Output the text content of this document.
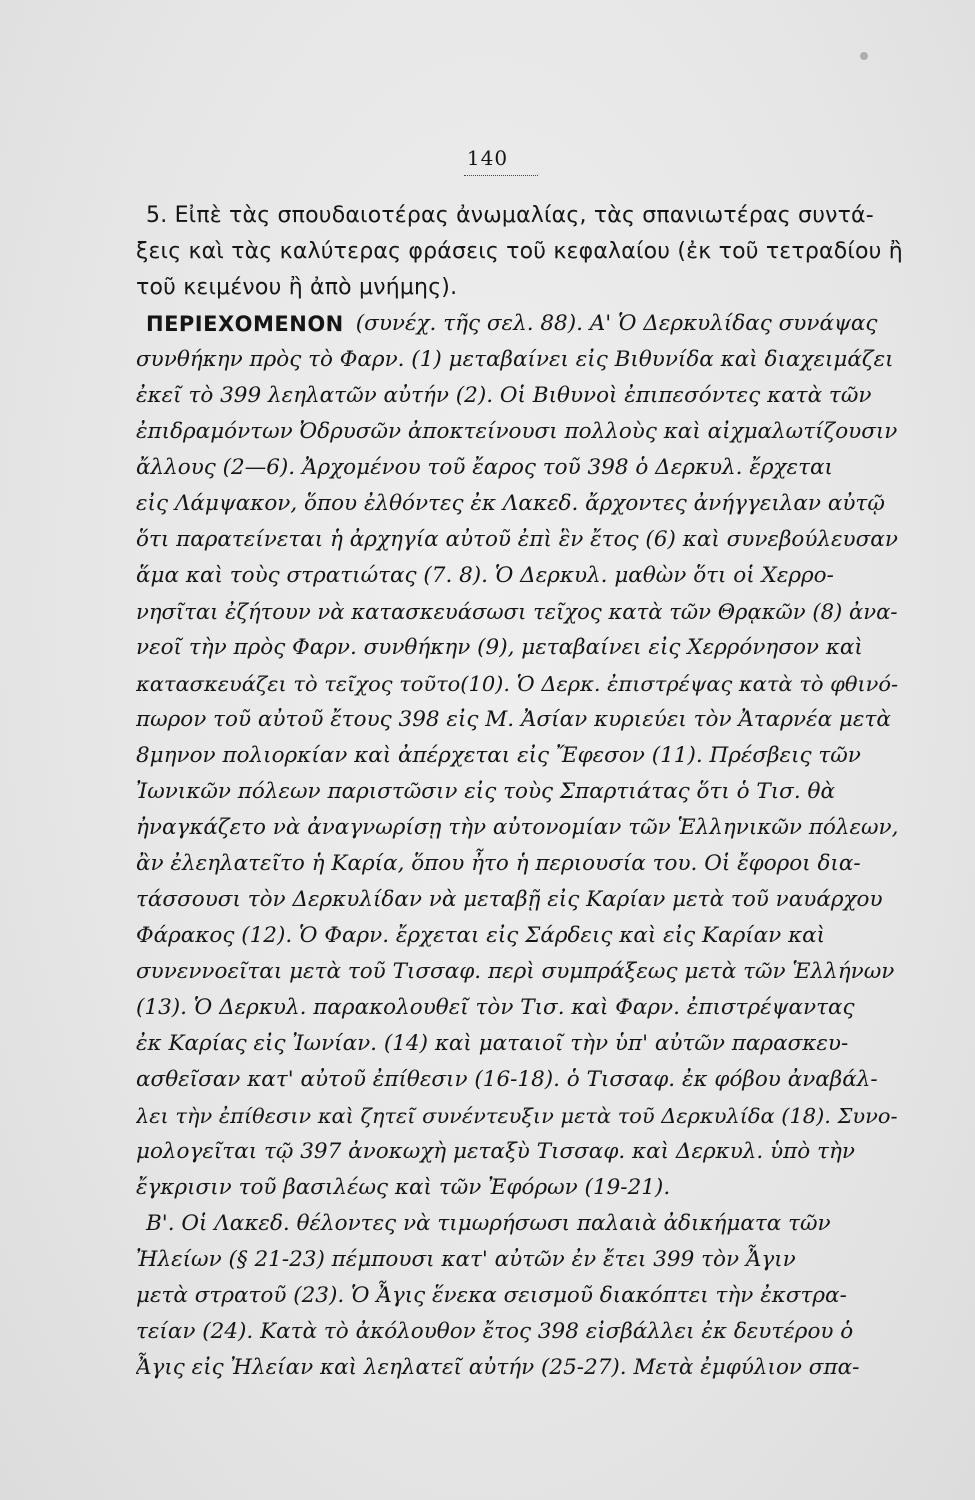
140
5. Εἰπὲ τὰς σπουδαιοτέρας ἀνωμαλίας, τὰς σπανιωτέρας συντά-
ξεις καὶ τὰς καλύτερας φράσεις τοῦ κεφαλαίου (ἐκ τοῦ τετραδίου ἢ
τοῦ κειμένου ἢ ἀπὸ μνήμης).
ΠΕΡΙΕΧΟΜΕΝΟΝ (συνέχ. τῆς σελ. 88). Α' Ὁ Δερκυλίδας συνάψας
συνθήκην πρὸς τὸ Φαρν. (1) μεταβαίνει εἰς Βιθυνίδα καὶ διαχειμάζει
ἐκεῖ τὸ 399 λεηλατῶν αὐτήν (2). Οἱ Βιθυνοὶ ἐπιπεσόντες κατὰ τῶν
ἐπιδραμόντων Ὀδρυσῶν ἀποκτείνουσι πολλοὺς καὶ αἰχμαλωτίζουσιν
ἄλλους (2—6). Ἀρχομένου τοῦ ἔαρος τοῦ 398 ὁ Δερκυλ. ἔρχεται
εἰς Λάμψακον, ὅπου ἐλθόντες ἐκ Λακεδ. ἄρχοντες ἀνήγγειλαν αὐτῷ
ὅτι παρατείνεται ἡ ἀρχηγία αὐτοῦ ἐπὶ ἓν ἔτος (6) καὶ συνεβούλευσαν
ἅμα καὶ τοὺς στρατιώτας (7. 8). Ὁ Δερκυλ. μαθὼν ὅτι οἱ Χερρο-
νησῖται ἐζήτουν νὰ κατασκευάσωσι τεῖχος κατὰ τῶν Θρᾳκῶν (8) ἀνα-
νεοῖ τὴν πρὸς Φαρν. συνθήκην (9), μεταβαίνει εἰς Χερρόνησον καὶ
κατασκευάζει τὸ τεῖχος τοῦτο(10). Ὁ Δερκ. ἐπιστρέψας κατὰ τὸ φθινό-
πωρον τοῦ αὐτοῦ ἔτους 398 εἰς Μ. Ἀσίαν κυριεύει τὸν Ἀταρνέα μετὰ
8μηνον πολιορκίαν καὶ ἀπέρχεται εἰς Ἔφεσον (11). Πρέσβεις τῶν
Ἰωνικῶν πόλεων παριστῶσιν εἰς τοὺς Σπαρτιάτας ὅτι ὁ Τισ. θὰ
ἠναγκάζετο νὰ ἀναγνωρίσῃ τὴν αὐτονομίαν τῶν Ἑλληνικῶν πόλεων,
ἂν ἐλεηλατεῖτο ἡ Καρία, ὅπου ἦτο ἡ περιουσία του. Οἱ ἔφοροι δια-
τάσσουσι τὸν Δερκυλίδαν νὰ μεταβῇ εἰς Καρίαν μετὰ τοῦ ναυάρχου
Φάρακος (12). Ὁ Φαρν. ἔρχεται εἰς Σάρδεις καὶ εἰς Καρίαν καὶ
συνεννοεῖται μετὰ τοῦ Τισσαφ. περὶ συμπράξεως μετὰ τῶν Ἑλλήνων
(13). Ὁ Δερκυλ. παρακολουθεῖ τὸν Τισ. καὶ Φαρν. ἐπιστρέψαντας
ἐκ Καρίας εἰς Ἰωνίαν. (14) καὶ ματαιοῖ τὴν ὑπ' αὐτῶν παρασκευ-
ασθεῖσαν κατ' αὐτοῦ ἐπίθεσιν (16-18). ὁ Τισσαφ. ἐκ φόβου ἀναβάλ-
λει τὴν ἐπίθεσιν καὶ ζητεῖ συνέντευξιν μετὰ τοῦ Δερκυλίδα (18). Συνο-
μολογεῖται τῷ 397 ἀνοκωχὴ μεταξὺ Τισσαφ. καὶ Δερκυλ. ὑπὸ τὴν
ἔγκρισιν τοῦ βασιλέως καὶ τῶν Ἐφόρων (19-21).
Β'. Οἱ Λακεδ. θέλοντες νὰ τιμωρήσωσι παλαιὰ ἀδικήματα τῶν
Ἠλείων (§ 21-23) πέμπουσι κατ' αὐτῶν ἐν ἔτει 399 τὸν Ἆγιν
μετὰ στρατοῦ (23). Ὁ Ἆγις ἕνεκα σεισμοῦ διακόπτει τὴν ἐκστρα-
τείαν (24). Κατὰ τὸ ἀκόλουθον ἔτος 398 εἰσβάλλει ἐκ δευτέρου ὁ
Ἆγις εἰς Ἠλείαν καὶ λεηλατεῖ αὐτήν (25-27). Μετὰ ἐμφύλιον σπα-
